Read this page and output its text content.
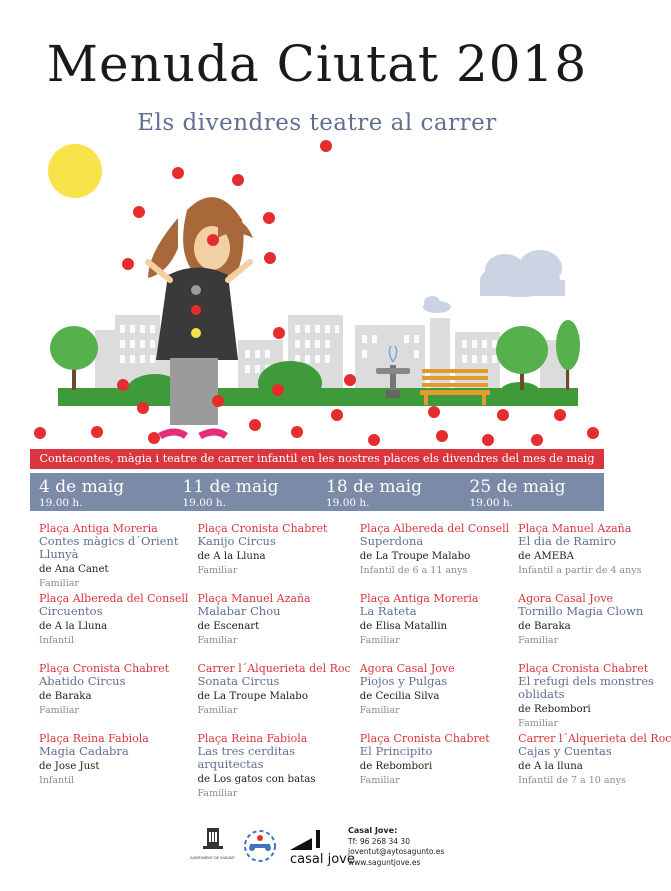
Menuda Ciutat 2018
Els divendres teatre al carrer
Contacontes, màgia i teatre de carrer infantil en les nostres places els divendres del mes de maig
4 de maig
19.00 h.
11 de maig
19.00 h.
18 de maig
19.00 h.
25 de maig
19.00 h.
Plaça Antiga Moreria
Contes màgics d´Orient Llunyà
de Ana Canet
Familiar
Plaça Albereda del Consell
Circuentos
de A la Lluna
Infantil
Plaça Cronista Chabret
Abatido Circus
de Baraka
Familiar
Plaça Reina Fabiola
Magia Cadabra
de Jose Just
Infantil
Plaça Cronista Chabret
Kanijo Circus
de A la Lluna
Familiar
Plaça Manuel Azaña
Malabar Chou
de Escenart
Familiar
Carrer l´Alquerieta del Roc
Sonata Circus
de La Troupe Malabo
Familiar
Plaça Reina Fabiola
Las tres cerditas arquitectas
de Los gatos con batas
Familiar
Plaça Albereda del Consell
Superdona
de La Troupe Malabo
Infantil de 6 a 11 anys
Plaça Antiga Moreria
La Rateta
de Elisa Matallin
Familiar
Agora Casal Jove
Piojos y Pulgas
de Cecilia Silva
Familiar
Plaça Cronista Chabret
El Principito
de Rebombori
Familiar
Plaça Manuel Azaña
El dia de Ramiro
de AMEBA
Infantil a partir de 4 anys
Agora Casal Jove
Tornillo Magia Clown
de Baraka
Familiar
Plaça Cronista Chabret
El refugi dels monstres oblidats
de Rebombori
Familiar
Carrer l´Alquerieta del Roc
Cajas y Cuentas
de A la lluna
Infantil de 7 a 10 anys
AJUNTAMENT DE SAGUNT	casal jove
Casal Jove:
Tf: 96 268 34 30
joventut@aytosagunto.es
www.saguntjove.es
